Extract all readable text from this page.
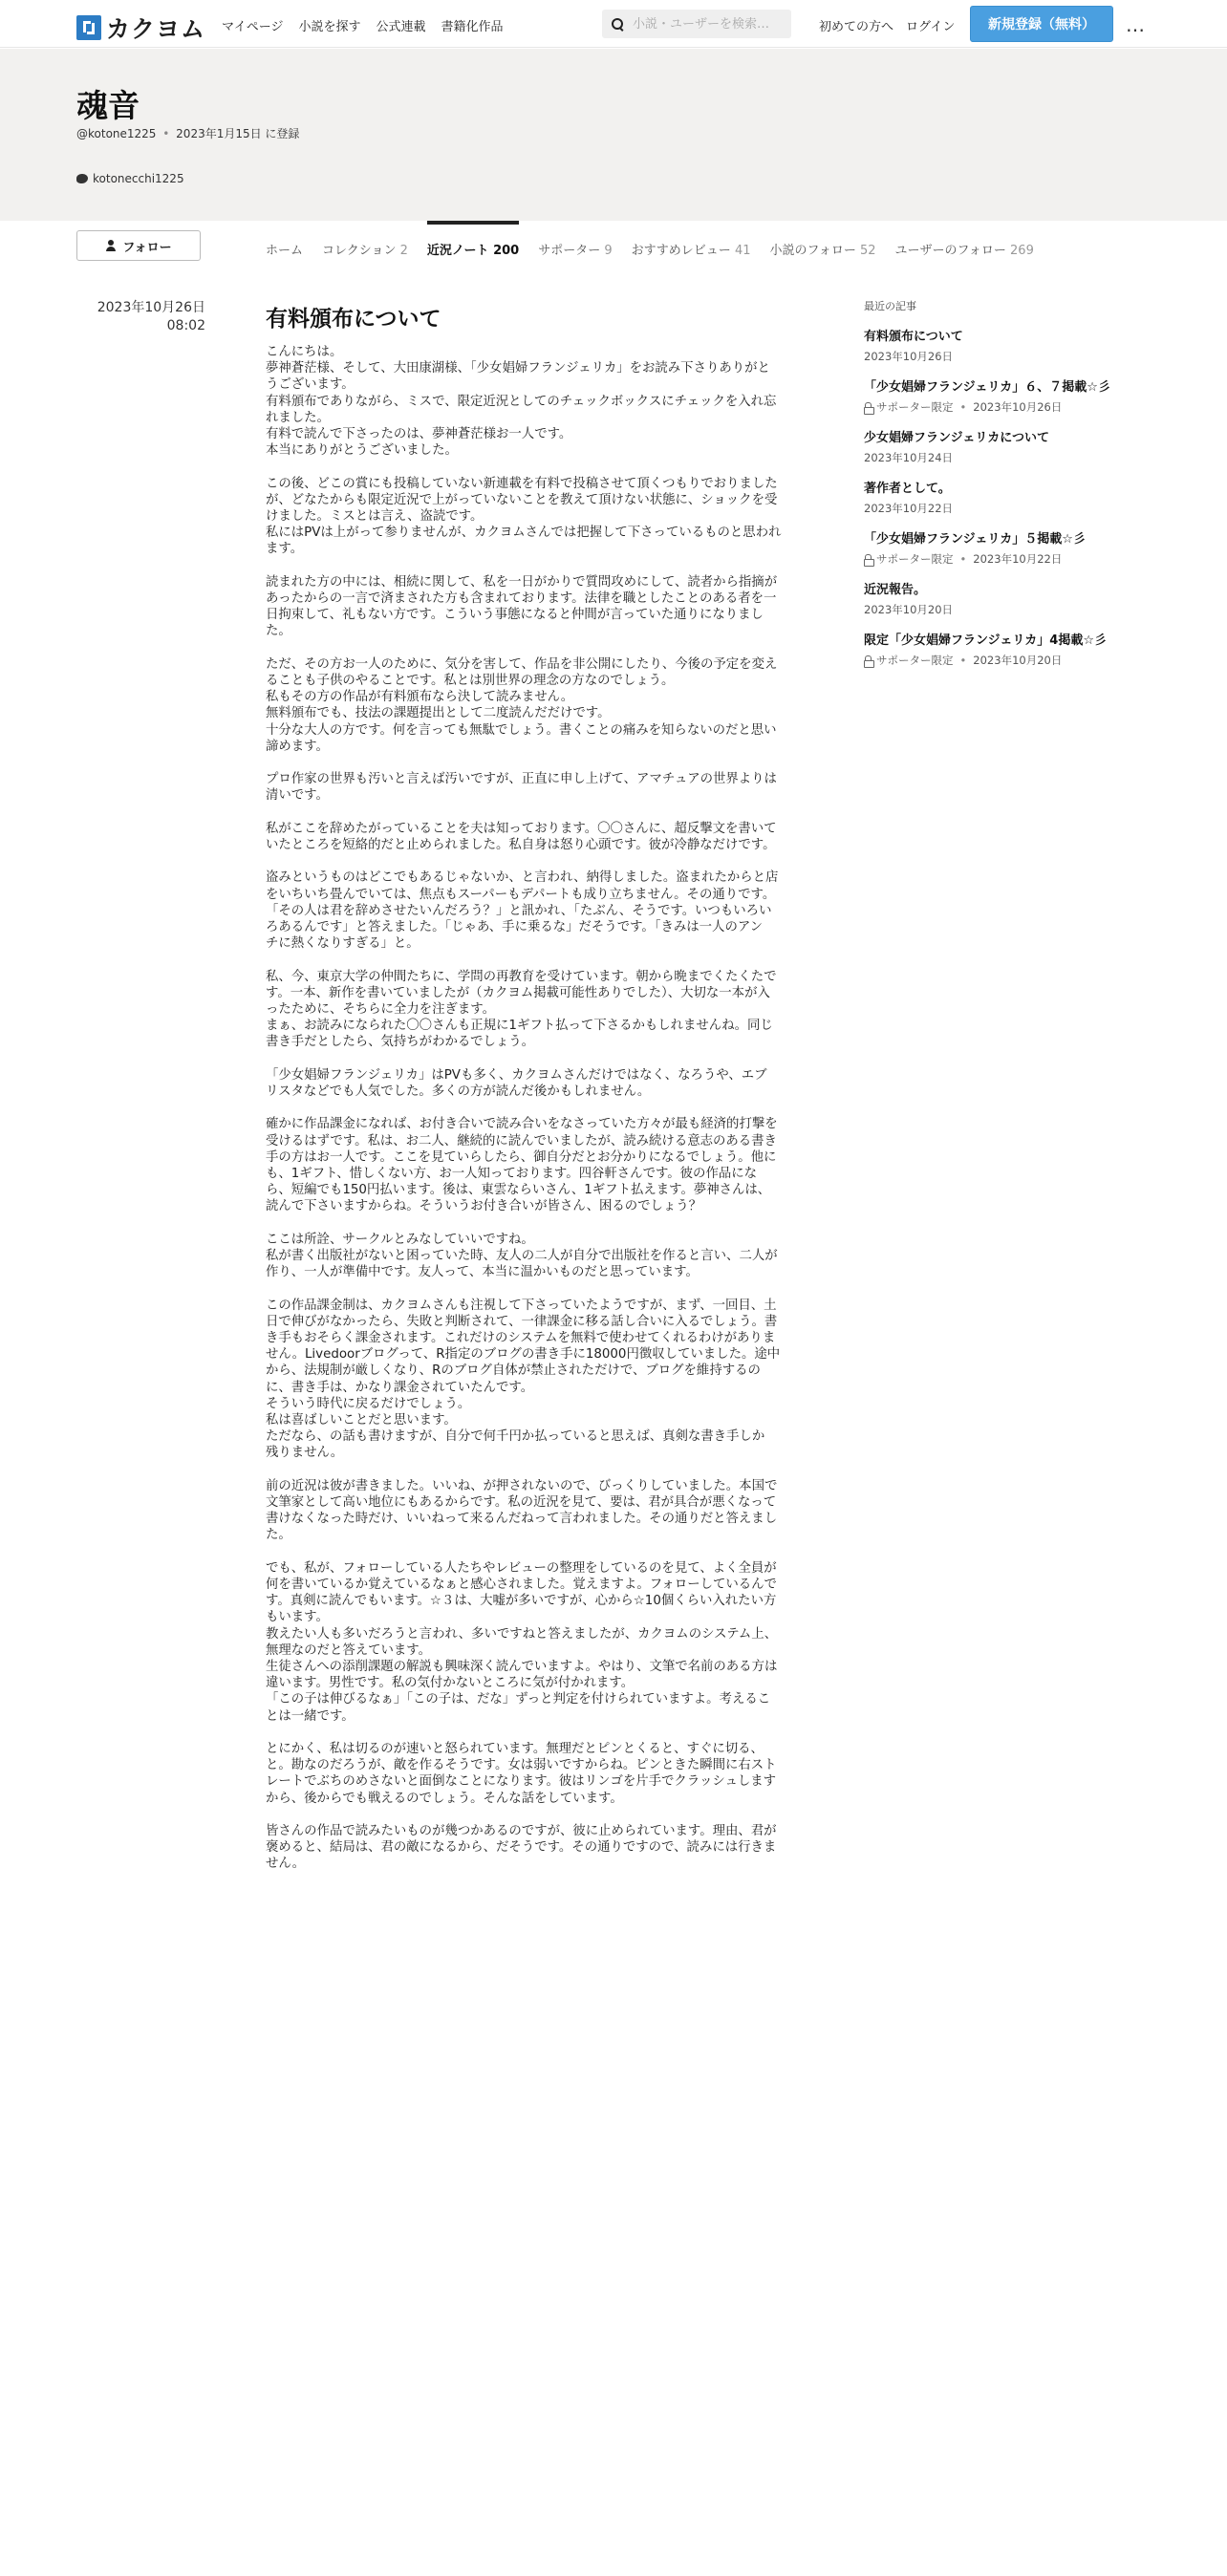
カクヨム マイページ 小説を探す 公式連載 書籍化作品
小説・ユーザーを検索…	初めての方へ ログイン	新規登録（無料）	…
魂音
@kotone1225 • 2023年1月15日 に登録
kotonecchi1225
フォロー	ホーム コレクション 2 近況ノート 200 サポーター 9 おすすめレビュー 41 小説のフォロー 52 ユーザーのフォロー 269
2023年10月26日
08:02	有料頒布について
こんにちは。
夢神蒼茫様、そして、大田康湖様、「少女娼婦フランジェリカ」をお読み下さりありがと
うございます。
有料頒布でありながら、ミスで、限定近況としてのチェックボックスにチェックを入れ忘
れました。
有料で読んで下さったのは、夢神蒼茫様お一人です。
本当にありがとうございました。
この後、どこの賞にも投稿していない新連載を有料で投稿させて頂くつもりでおりました
が、どなたからも限定近況で上がっていないことを教えて頂けない状態に、ショックを受
けました。ミスとは言え、盗読です。
私にはPVは上がって参りませんが、カクヨムさんでは把握して下さっているものと思われ
ます。
読まれた方の中には、相続に関して、私を一日がかりで質問攻めにして、読者から指摘が
あったからの一言で済まされた方も含まれております。法律を職としたことのある者を一
日拘束して、礼もない方です。こういう事態になると仲間が言っていた通りになりまし
た。
ただ、その方お一人のために、気分を害して、作品を非公開にしたり、今後の予定を変え
ることも子供のやることです。私とは別世界の理念の方なのでしょう。
私もその方の作品が有料頒布なら決して読みません。
無料頒布でも、技法の課題提出として二度読んだだけです。
十分な大人の方です。何を言っても無駄でしょう。書くことの痛みを知らないのだと思い
諦めます。
プロ作家の世界も汚いと言えば汚いですが、正直に申し上げて、アマチュアの世界よりは
清いです。
私がここを辞めたがっていることを夫は知っております。〇〇さんに、超反撃文を書いて
いたところを短絡的だと止められました。私自身は怒り心頭です。彼が冷静なだけです。
盗みというものはどこでもあるじゃないか、と言われ、納得しました。盗まれたからと店
をいちいち畳んでいては、焦点もスーパーもデパートも成り立ちません。その通りです。
「その人は君を辞めさせたいんだろう？」と訊かれ、「たぶん、そうです。いつもいろい
ろあるんです」と答えました。「じゃあ、手に乗るな」だそうです。「きみは一人のアン
チに熱くなりすぎる」と。
私、今、東京大学の仲間たちに、学問の再教育を受けています。朝から晩までくたくたで
す。一本、新作を書いていましたが（カクヨム掲載可能性ありでした）、大切な一本が入
ったために、そちらに全力を注ぎます。
まぁ、お読みになられた〇〇さんも正規に1ギフト払って下さるかもしれませんね。同じ
書き手だとしたら、気持ちがわかるでしょう。
「少女娼婦フランジェリカ」はPVも多く、カクヨムさんだけではなく、なろうや、エブ
リスタなどでも人気でした。多くの方が読んだ後かもしれません。
確かに作品課金になれば、お付き合いで読み合いをなさっていた方々が最も経済的打撃を
受けるはずです。私は、お二人、継続的に読んでいましたが、読み続ける意志のある書き
手の方はお一人です。ここを見ていらしたら、御自分だとお分かりになるでしょう。他に
も、1ギフト、惜しくない方、お一人知っております。四谷軒さんです。彼の作品にな
ら、短編でも150円払います。後は、東雲ならいさん、1ギフト払えます。夢神さんは、
読んで下さいますからね。そういうお付き合いが皆さん、困るのでしょう？
ここは所詮、サークルとみなしていいですね。
私が書く出版社がないと困っていた時、友人の二人が自分で出版社を作ると言い、二人が
作り、一人が準備中です。友人って、本当に温かいものだと思っています。
この作品課金制は、カクヨムさんも注視して下さっていたようですが、まず、一回目、土
日で伸びがなかったら、失敗と判断されて、一律課金に移る話し合いに入るでしょう。書
き手もおそらく課金されます。これだけのシステムを無料で使わせてくれるわけがありま
せん。Livedoorブログって、R指定のブログの書き手に18000円徴収していました。途中
から、法規制が厳しくなり、Rのブログ自体が禁止されただけで、ブログを維持するの
に、書き手は、かなり課金されていたんです。
そういう時代に戻るだけでしょう。
私は喜ばしいことだと思います。
ただなら、の話も書けますが、自分で何千円か払っていると思えば、真剣な書き手しか
残りません。
前の近況は彼が書きました。いいね、が押されないので、びっくりしていました。本国で
文筆家として高い地位にもあるからです。私の近況を見て、要は、君が具合が悪くなって
書けなくなった時だけ、いいねって来るんだねって言われました。その通りだと答えまし
た。
でも、私が、フォローしている人たちやレビューの整理をしているのを見て、よく全員が
何を書いているか覚えているなぁと感心されました。覚えますよ。フォローしているんで
す。真剣に読んでもいます。☆３は、大嘘が多いですが、心から☆10個くらい入れたい方
もいます。
教えたい人も多いだろうと言われ、多いですねと答えましたが、カクヨムのシステム上、
無理なのだと答えています。
生徒さんへの添削課題の解説も興味深く読んでいますよ。やはり、文筆で名前のある方は
違います。男性です。私の気付かないところに気が付かれます。
「この子は伸びるなぁ」「この子は、だな」ずっと判定を付けられていますよ。考えるこ
とは一緒です。
とにかく、私は切るのが速いと怒られています。無理だとピンとくると、すぐに切る、
と。勘なのだろうが、敵を作るそうです。女は弱いですからね。ピンときた瞬間に右スト
レートでぶちのめさないと面倒なことになります。彼はリンゴを片手でクラッシュします
から、後からでも戦えるのでしょう。そんな話をしています。
皆さんの作品で読みたいものが幾つかあるのですが、彼に止められています。理由、君が
褒めると、結局は、君の敵になるから、だそうです。その通りですので、読みには行きま
せん。
最近の記事
有料頒布について
2023年10月26日
「少女娼婦フランジェリカ」６、７掲載☆彡
サポーター限定 • 2023年10月26日
少女娼婦フランジェリカについて
2023年10月24日
著作者として。
2023年10月22日
「少女娼婦フランジェリカ」５掲載☆彡
サポーター限定 • 2023年10月22日
近況報告。
2023年10月20日
限定「少女娼婦フランジェリカ」4掲載☆彡
サポーター限定 • 2023年10月20日
